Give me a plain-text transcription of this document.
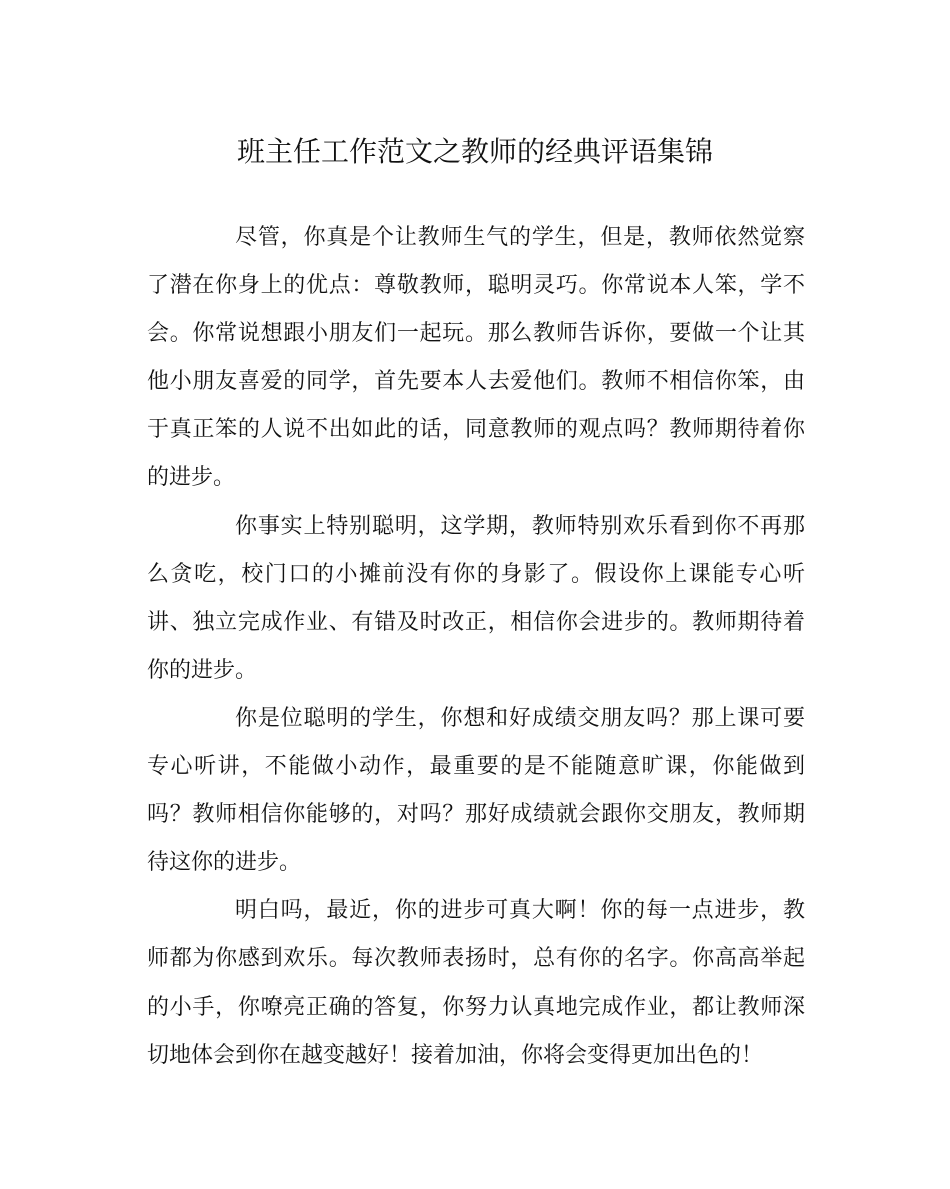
班主任工作范文之教师的经典评语集锦

尽管，你真是个让教师生气的学生，但是，教师依然觉察了潜在你身上的优点：尊敬教师，聪明灵巧。你常说本人笨，学不会。你常说想跟小朋友们一起玩。那么教师告诉你，要做一个让其他小朋友喜爱的同学，首先要本人去爱他们。教师不相信你笨，由于真正笨的人说不出如此的话，同意教师的观点吗？教师期待着你的进步。

你事实上特别聪明，这学期，教师特别欢乐看到你不再那么贪吃，校门口的小摊前没有你的身影了。假设你上课能专心听讲、独立完成作业、有错及时改正，相信你会进步的。教师期待着你的进步。

你是位聪明的学生，你想和好成绩交朋友吗？那上课可要专心听讲，不能做小动作，最重要的是不能随意旷课，你能做到吗？教师相信你能够的，对吗？那好成绩就会跟你交朋友，教师期待这你的进步。

明白吗，最近，你的进步可真大啊！你的每一点进步，教师都为你感到欢乐。每次教师表扬时，总有你的名字。你高高举起的小手，你嘹亮正确的答复，你努力认真地完成作业，都让教师深切地体会到你在越变越好！接着加油，你将会变得更加出色的！
